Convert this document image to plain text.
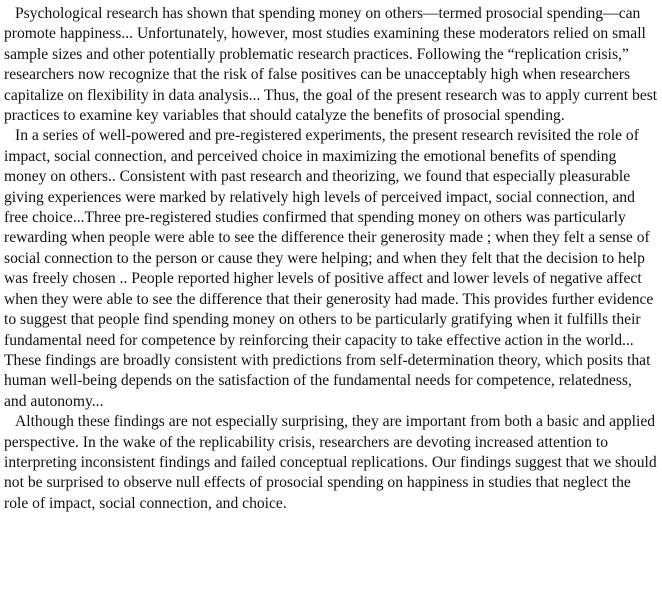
Psychological research has shown that spending money on others—termed prosocial spending—can promote happiness... Unfortunately, however, most studies examining these moderators relied on small sample sizes and other potentially problematic research practices. Following the “replication crisis,” researchers now recognize that the risk of false positives can be unacceptably high when researchers capitalize on flexibility in data analysis... Thus, the goal of the present research was to apply current best practices to examine key variables that should catalyze the benefits of prosocial spending.

In a series of well-powered and pre-registered experiments, the present research revisited the role of impact, social connection, and perceived choice in maximizing the emotional benefits of spending money on others.. Consistent with past research and theorizing, we found that especially pleasurable giving experiences were marked by relatively high levels of perceived impact, social connection, and free choice...Three pre-registered studies confirmed that spending money on others was particularly rewarding when people were able to see the difference their generosity made ; when they felt a sense of social connection to the person or cause they were helping; and when they felt that the decision to help was freely chosen .. People reported higher levels of positive affect and lower levels of negative affect when they were able to see the difference that their generosity had made. This provides further evidence to suggest that people find spending money on others to be particularly gratifying when it fulfills their fundamental need for competence by reinforcing their capacity to take effective action in the world... These findings are broadly consistent with predictions from self-determination theory, which posits that human well-being depends on the satisfaction of the fundamental needs for competence, relatedness, and autonomy...

Although these findings are not especially surprising, they are important from both a basic and applied perspective. In the wake of the replicability crisis, researchers are devoting increased attention to interpreting inconsistent findings and failed conceptual replications. Our findings suggest that we should not be surprised to observe null effects of prosocial spending on happiness in studies that neglect the role of impact, social connection, and choice.
